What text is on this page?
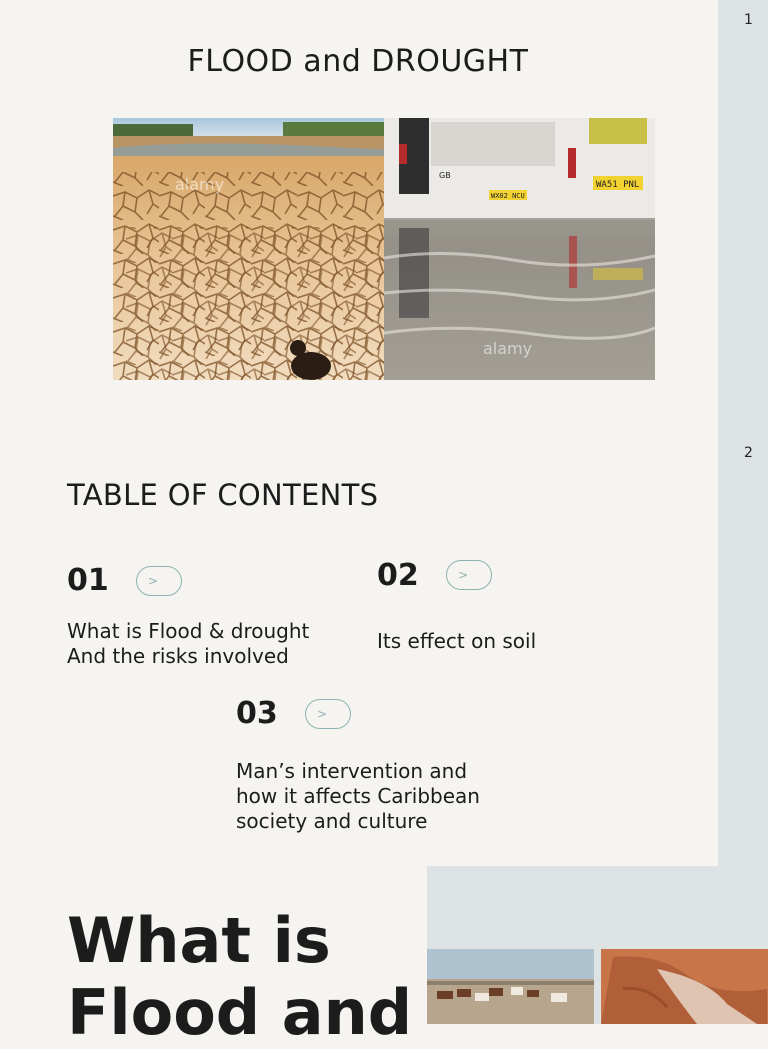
1
2
FLOOD and DROUGHT
alamy	GB
WX02 NCU
WA51 PNL
alamy
TABLE OF CONTENTS
01	>
What is Flood & drought
And the risks involved
02	>
Its effect on soil
03	>
Man’s intervention and
how it affects Caribbean
society and culture
What is
Flood and
